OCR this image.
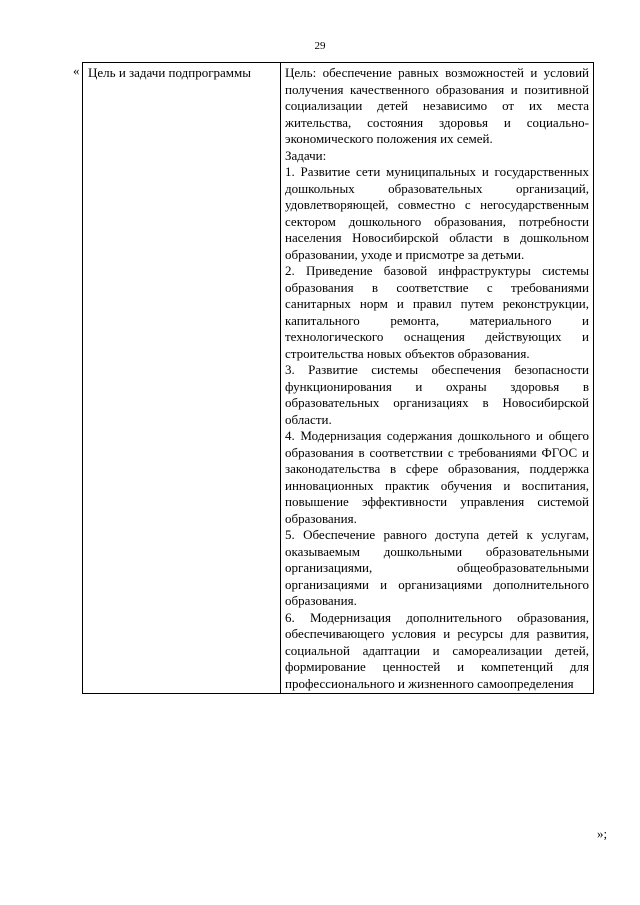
29
« Цель и задачи подпрограммы	Цель: обеспечение равных возможностей и условий получения качественного образования и позитивной социализации детей независимо от их места жительства, состояния здоровья и социально-экономического положения их семей.
Задачи:
1. Развитие сети муниципальных и государственных дошкольных образовательных организаций, удовлетворяющей, совместно с негосударственным сектором дошкольного образования, потребности населения Новосибирской области в дошкольном образовании, уходе и присмотре за детьми.
2. Приведение базовой инфраструктуры системы образования в соответствие с требованиями санитарных норм и правил путем реконструкции, капитального ремонта, материального и технологического оснащения действующих и строительства новых объектов образования.
3. Развитие системы обеспечения безопасности функционирования и охраны здоровья в образовательных организациях в Новосибирской области.
4. Модернизация содержания дошкольного и общего образования в соответствии с требованиями ФГОС и законодательства в сфере образования, поддержка инновационных практик обучения и воспитания, повышение эффективности управления системой образования.
5. Обеспечение равного доступа детей к услугам, оказываемым дошкольными образовательными организациями, общеобразовательными организациями и организациями дополнительного образования.
6. Модернизация дополнительного образования, обеспечивающего условия и ресурсы для развития, социальной адаптации и самореализации детей, формирование ценностей и компетенций для профессионального и жизненного самоопределения
»;
